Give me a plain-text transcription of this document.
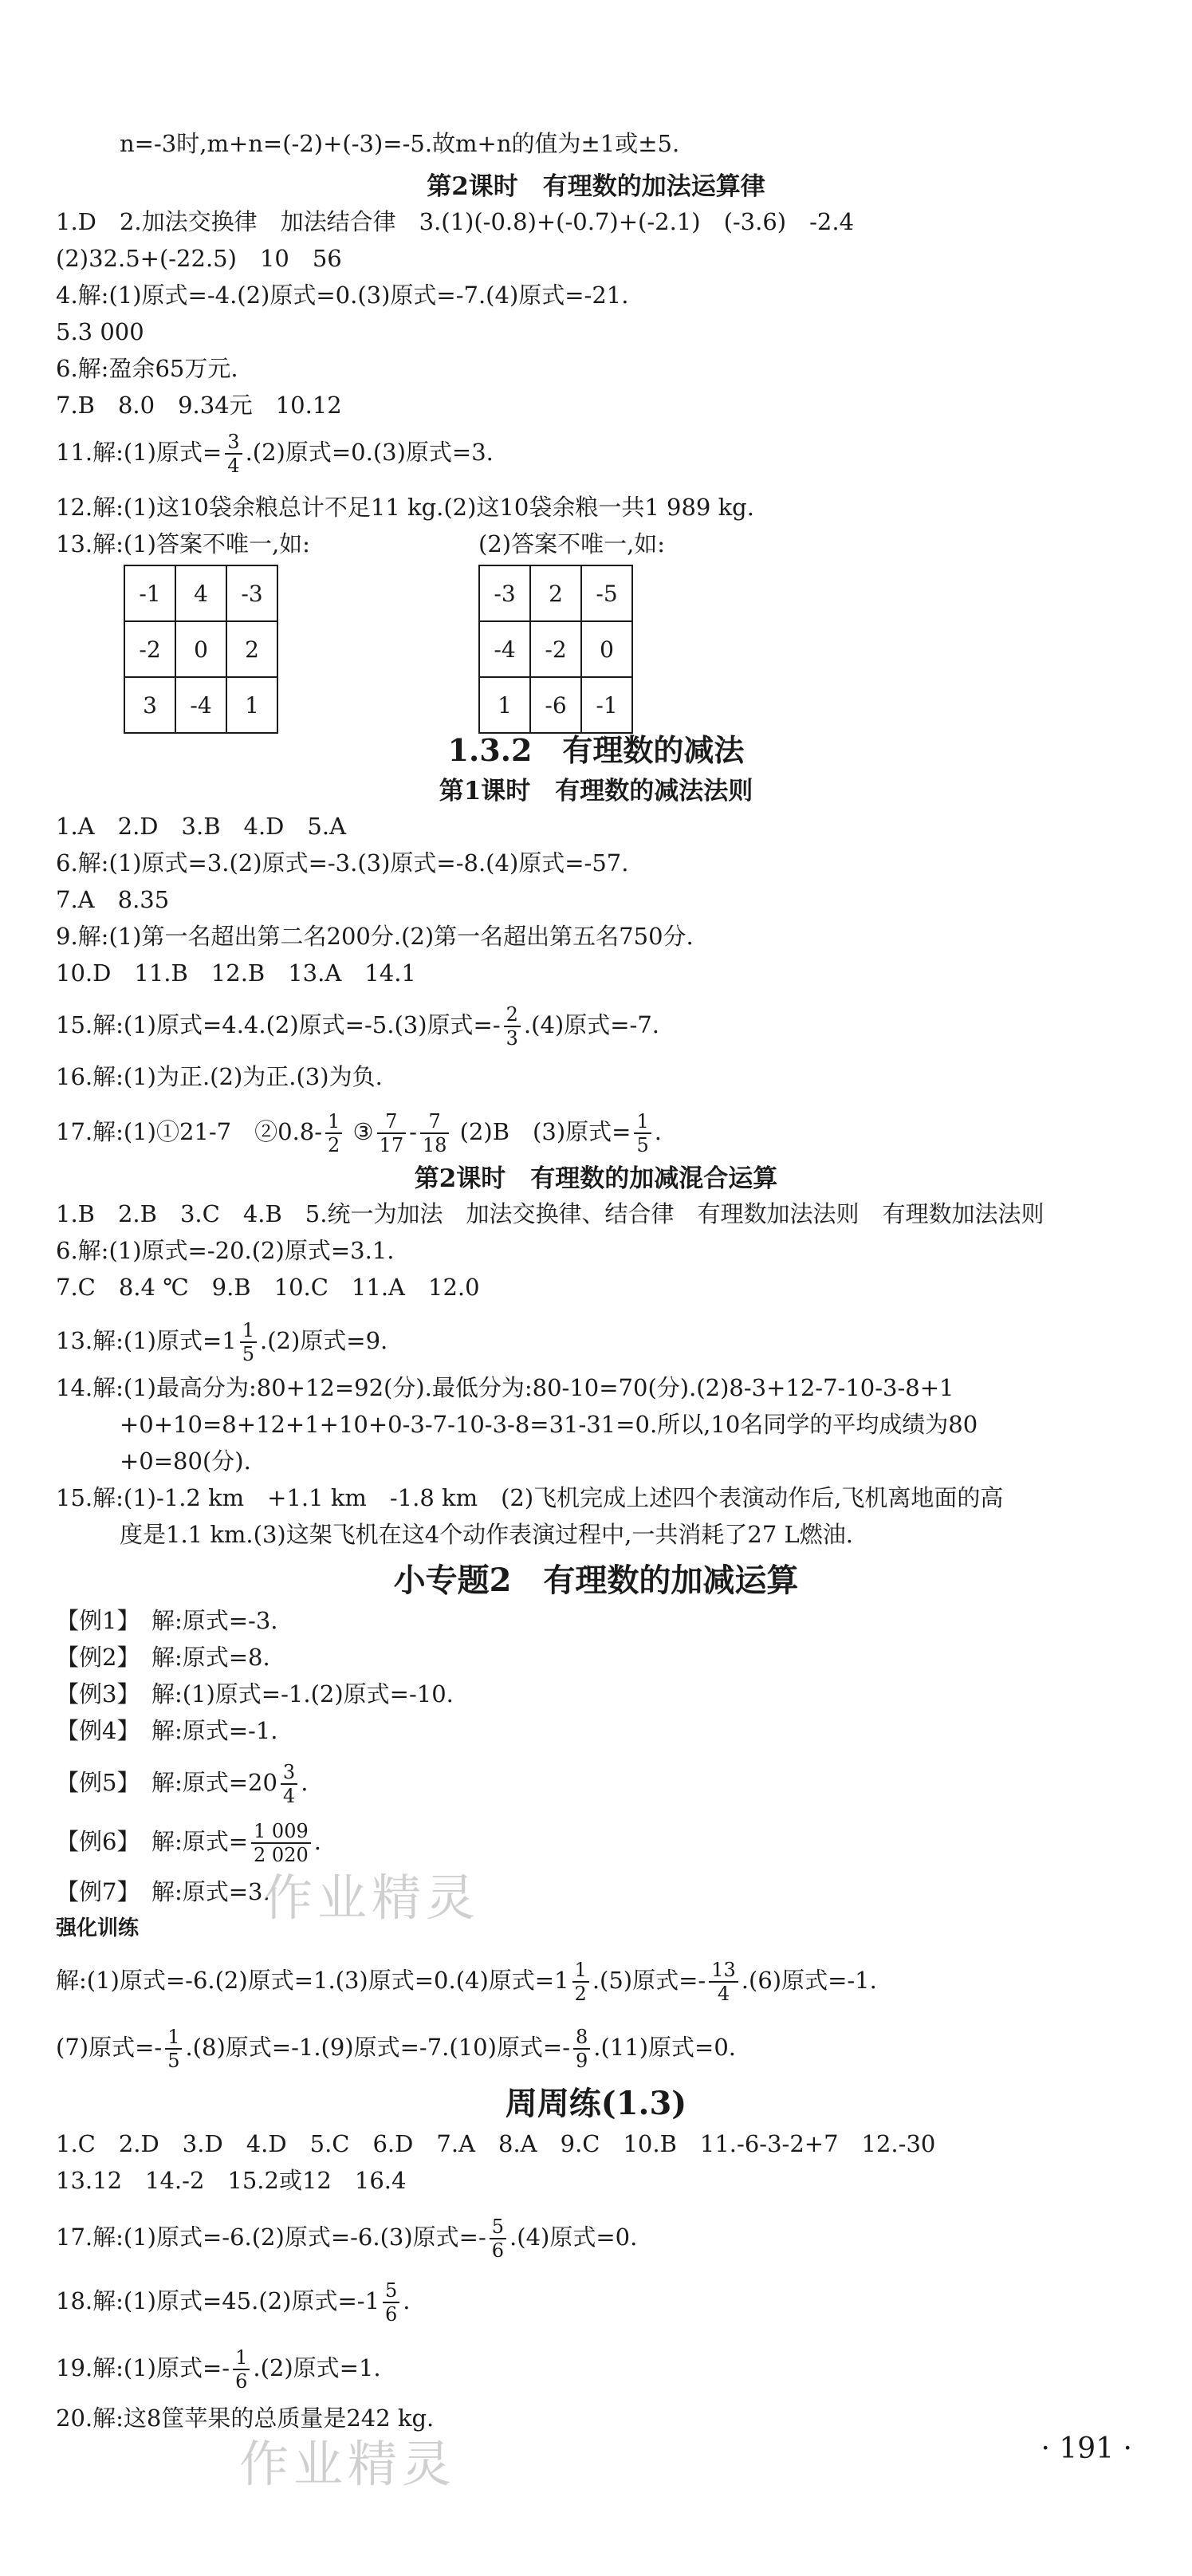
n=-3时,m+n=(-2)+(-3)=-5.故m+n的值为±1或±5.
第2课时　有理数的加法运算律
1.D　2.加法交换律　加法结合律　3.(1)(-0.8)+(-0.7)+(-2.1)　(-3.6)　-2.4
(2)32.5+(-22.5)　10　56
4.解:(1)原式=-4.(2)原式=0.(3)原式=-7.(4)原式=-21.
5.3 000
6.解:盈余65万元.
7.B　8.0　9.34元　10.12
11.解:(1)原式= $\frac{3}{4} .(2)$原式=0.(3)原式=3.
12.解:(1)这10袋余粮总计不足11 kg.(2)这10袋余粮一共1 989 kg.
13.解:(1)答案不唯一,如:	(2)答案不唯一,如:
-1	4	-3
-2	0	2
3	-4	1
-3	2	-5
-4	-2	0
1	-6	-1
1.3.2　有理数的减法
第1课时　有理数的减法法则
1.A　2.D　3.B　4.D　5.A
6.解:(1)原式=3.(2)原式=-3.(3)原式=-8.(4)原式=-57.
7.A　8.35
9.解:(1)第一名超出第二名200分.(2)第一名超出第五名750分.
10.D　11.B　12.B　13.A　14.1
15.解:(1)原式=4.4.(2)原式=-5.(3)原式=- $\frac{2}{3} .(4)$原式=-7.
16.解:(1)为正.(2)为正.(3)为负.
17.解:(1)①21-7　②0.8- $\frac{1}{2}$ ③ $\frac{7}{17} - \frac{7}{18} (2)B$　(3)原式= $\frac{1}{5}$ .
第2课时　有理数的加减混合运算
1.B　2.B　3.C　4.B　5.统一为加法　加法交换律、结合律　有理数加法法则　有理数加法法则
6.解:(1)原式=-20.(2)原式=3.1.
7.C　8.4 ℃　9.B　10.C　11.A　12.0
13.解:(1)原式$=1 \frac{1}{5} .(2)$原式=9.
14.解:(1)最高分为:80+12=92(分).最低分为:80-10=70(分).(2)8-3+12-7-10-3-8+1
+0+10=8+12+1+10+0-3-7-10-3-8=31-31=0.所以,10名同学的平均成绩为80
+0=80(分).
15.解:(1)-1.2 km　+1.1 km　-1.8 km　(2)飞机完成上述四个表演动作后,飞机离地面的高
度是1.1 km.(3)这架飞机在这4个动作表演过程中,一共消耗了27 L燃油.
小专题2　有理数的加减运算
【例1】　解:原式=-3.
【例2】　解:原式=8.
【例3】　解:(1)原式=-1.(2)原式=-10.
【例4】　解:原式=-1.
【例5】　解:原式$=20 \frac{3}{4}$ .
【例6】　解:原式= $\frac{1 009}{2 020}$ .
【例7】　解:原式=3.
强化训练
解:(1)原式=-6.(2)原式=1.(3)原式=0.(4)原式$=1 \frac{1}{2} .(5)$原式=- $\frac{13}{4} .(6)$原式=-1.
(7)原式=- $\frac{1}{5} .(8)$原式=-1.(9)原式=-7.(10)原式=- $\frac{8}{9} .(11)$原式=0.
周周练(1.3)
1.C　2.D　3.D　4.D　5.C　6.D　7.A　8.A　9.C　10.B　11.-6-3-2+7　12.-30
13.12　14.-2　15.2或12　16.4
17.解:(1)原式=-6.(2)原式=-6.(3)原式=- $\frac{5}{6} .(4)$原式=0.
18.解:(1)原式=45.(2)原式$=-1 \frac{5}{6}$ .
19.解:(1)原式=- $\frac{1}{6} .(2)$原式=1.
20.解:这8筐苹果的总质量是242 kg.
作业精灵
作业精灵	· 191 ·
